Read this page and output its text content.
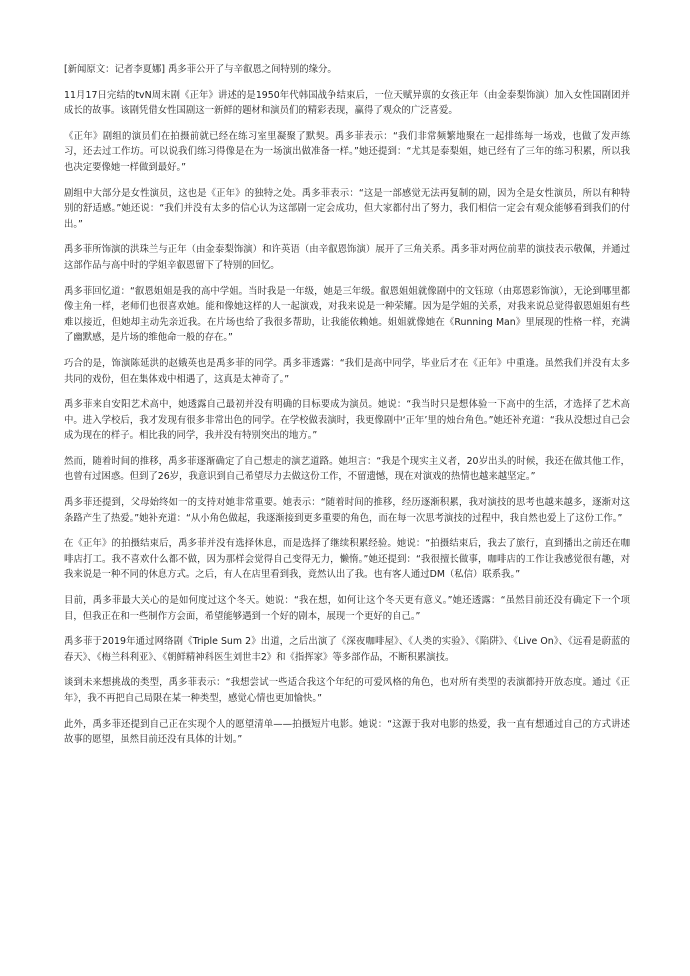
[新闻原文：记者李夏娜] 禹多菲公开了与辛叡恩之间特别的缘分。

11月17日完结的tvN周末剧《正年》讲述的是1950年代韩国战争结束后，一位天赋异禀的女孩正年（由金泰梨饰演）加入女性国剧团并成长的故事。该剧凭借女性国剧这一新鲜的题材和演员们的精彩表现，赢得了观众的广泛喜爱。

《正年》剧组的演员们在拍摄前就已经在练习室里凝聚了默契。禹多菲表示：“我们非常频繁地聚在一起排练每一场戏，也做了发声练习，还去过工作坊。可以说我们练习得像是在为一场演出做准备一样。”她还提到：“尤其是泰梨姐，她已经有了三年的练习积累，所以我也决定要像她一样做到最好。”

剧组中大部分是女性演员，这也是《正年》的独特之处。禹多菲表示：“这是一部感觉无法再复制的剧，因为全是女性演员，所以有种特别的舒适感。”她还说：“我们并没有太多的信心认为这部剧一定会成功，但大家都付出了努力，我们相信一定会有观众能够看到我们的付出。”

禹多菲所饰演的洪珠兰与正年（由金泰梨饰演）和许英语（由辛叡恩饰演）展开了三角关系。禹多菲对两位前辈的演技表示敬佩，并通过这部作品与高中时的学姐辛叡恩留下了特别的回忆。

禹多菲回忆道：“叡恩姐姐是我的高中学姐。当时我是一年级，她是三年级。叡恩姐姐就像剧中的文钰琼（由郑恩彩饰演），无论到哪里都像主角一样，老师们也很喜欢她。能和像她这样的人一起演戏，对我来说是一种荣耀。因为是学姐的关系，对我来说总觉得叡恩姐姐有些难以接近，但她却主动先亲近我。在片场也给了我很多帮助，让我能依赖她。姐姐就像她在《Running Man》里展现的性格一样，充满了幽默感，是片场的维他命一般的存在。”

巧合的是，饰演陈延洪的赵娥英也是禹多菲的同学。禹多菲透露：“我们是高中同学，毕业后才在《正年》中重逢。虽然我们并没有太多共同的戏份，但在集体戏中相遇了，这真是太神奇了。”

禹多菲来自安阳艺术高中，她透露自己最初并没有明确的目标要成为演员。她说：“我当时只是想体验一下高中的生活，才选择了艺术高中。进入学校后，我才发现有很多非常出色的同学。在学校做表演时，我更像剧中‘正年’里的烛台角色。”她还补充道：“我从没想过自己会成为现在的样子。相比我的同学，我并没有特别突出的地方。”

然而，随着时间的推移，禹多菲逐渐确定了自己想走的演艺道路。她坦言：“我是个现实主义者，20岁出头的时候，我还在做其他工作，也曾有过困惑。但到了26岁，我意识到自己希望尽力去做这份工作，不留遗憾，现在对演戏的热情也越来越坚定。”

禹多菲还提到，父母始终如一的支持对她非常重要。她表示：“随着时间的推移，经历逐渐积累，我对演技的思考也越来越多，逐渐对这条路产生了热爱。”她补充道：“从小角色做起，我逐渐接到更多重要的角色，而在每一次思考演技的过程中，我自然也爱上了这份工作。”

在《正年》的拍摄结束后，禹多菲并没有选择休息，而是选择了继续积累经验。她说：“拍摄结束后，我去了旅行，直到播出之前还在咖啡店打工。我不喜欢什么都不做，因为那样会觉得自己变得无力，懒惰。”她还提到：“我很擅长做事，咖啡店的工作让我感觉很有趣，对我来说是一种不同的休息方式。之后，有人在店里看到我，竟然认出了我。也有客人通过DM（私信）联系我。”

目前，禹多菲最大关心的是如何度过这个冬天。她说：“我在想，如何让这个冬天更有意义。”她还透露：“虽然目前还没有确定下一个项目，但我正在和一些制作方会面，希望能够遇到一个好的剧本，展现一个更好的自己。”

禹多菲于2019年通过网络剧《Triple Sum 2》出道，之后出演了《深夜咖啡屋》、《人类的实验》、《陷阱》、《Live On》、《远看是蔚蓝的春天》、《梅兰科利亚》、《朝鲜精神科医生刘世丰2》和《指挥家》等多部作品，不断积累演技。

谈到未来想挑战的类型，禹多菲表示：“我想尝试一些适合我这个年纪的可爱风格的角色，也对所有类型的表演都持开放态度。通过《正年》，我不再把自己局限在某一种类型，感觉心情也更加愉快。”

此外，禹多菲还提到自己正在实现个人的愿望清单——拍摄短片电影。她说：“这源于我对电影的热爱，我一直有想通过自己的方式讲述故事的愿望，虽然目前还没有具体的计划。”
